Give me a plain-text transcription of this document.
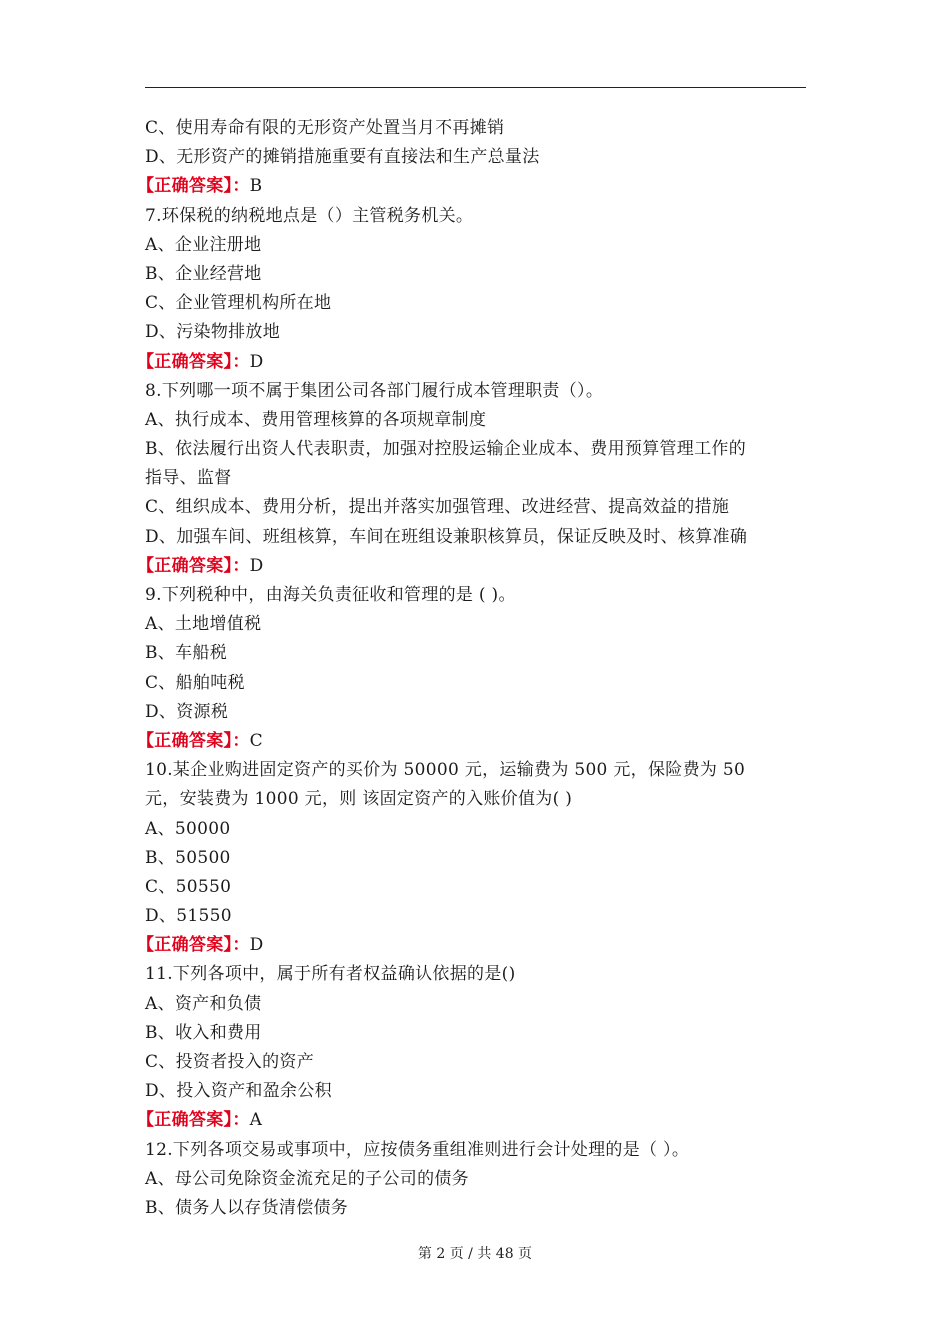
C、使用寿命有限的无形资产处置当月不再摊销
D、无形资产的摊销措施重要有直接法和生产总量法
【正确答案】：B
7.环保税的纳税地点是（）主管税务机关。
A、企业注册地
B、企业经营地
C、企业管理机构所在地
D、污染物排放地
【正确答案】：D
8.下列哪一项不属于集团公司各部门履行成本管理职责（）。
A、执行成本、费用管理核算的各项规章制度
B、依法履行出资人代表职责，加强对控股运输企业成本、费用预算管理工作的
指导、监督
C、组织成本、费用分析，提出并落实加强管理、改进经营、提高效益的措施
D、加强车间、班组核算，车间在班组设兼职核算员，保证反映及时、核算准确
【正确答案】：D
9.下列税种中，由海关负责征收和管理的是 ( )。
A、土地增值税
B、车船税
C、船舶吨税
D、资源税
【正确答案】：C
10.某企业购进固定资产的买价为 50000 元，运输费为 500 元，保险费为 50
元，安装费为 1000 元，则 该固定资产的入账价值为( )
A、50000
B、50500
C、50550
D、51550
【正确答案】：D
11.下列各项中，属于所有者权益确认依据的是()
A、资产和负债
B、收入和费用
C、投资者投入的资产
D、投入资产和盈余公积
【正确答案】：A
12.下列各项交易或事项中，应按债务重组准则进行会计处理的是（ ）。
A、母公司免除资金流充足的子公司的债务
B、债务人以存货清偿债务
第 2 页 / 共 48 页
